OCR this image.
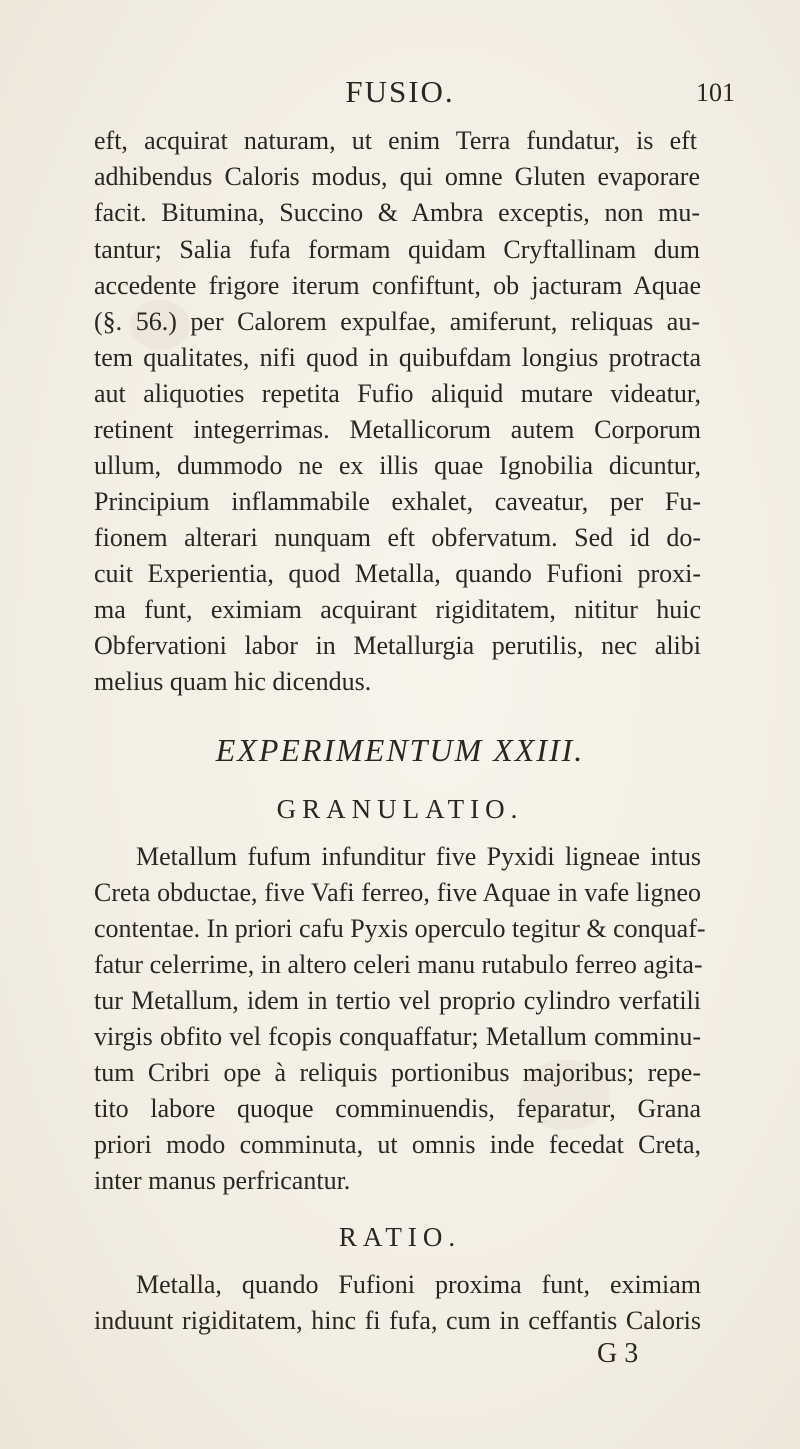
FUSIO.	101
eft, acquirat naturam, ut enim Terra fundatur, is eft
adhibendus Caloris modus, qui omne Gluten evaporare
facit. Bitumina, Succino & Ambra exceptis, non mu-
tantur; Salia fufa formam quidam Cryftallinam dum
accedente frigore iterum confiftunt, ob jacturam Aquae
(§. 56.) per Calorem expulfae, amiferunt, reliquas au-
tem qualitates, nifi quod in quibufdam longius protracta
aut aliquoties repetita Fufio aliquid mutare videatur,
retinent integerrimas. Metallicorum autem Corporum
ullum, dummodo ne ex illis quae Ignobilia dicuntur,
Principium inflammabile exhalet, caveatur, per Fu-
fionem alterari nunquam eft obfervatum. Sed id do-
cuit Experientia, quod Metalla, quando Fufioni proxi-
ma funt, eximiam acquirant rigiditatem, nititur huic
Obfervationi labor in Metallurgia perutilis, nec alibi
melius quam hic dicendus.
EXPERIMENTUM XXIII.
GRANULATIO.
Metallum fufum infunditur five Pyxidi ligneae intus
Creta obductae, five Vafi ferreo, five Aquae in vafe ligneo
contentae. In priori cafu Pyxis operculo tegitur & conquaf-
fatur celerrime, in altero celeri manu rutabulo ferreo agita-
tur Metallum, idem in tertio vel proprio cylindro verfatili
virgis obfito vel fcopis conquaffatur; Metallum comminu-
tum Cribri ope à reliquis portionibus majoribus; repe-
tito labore quoque comminuendis, feparatur, Grana
priori modo comminuta, ut omnis inde fecedat Creta,
inter manus perfricantur.
RATIO.
Metalla, quando Fufioni proxima funt, eximiam
induunt rigiditatem, hinc fi fufa, cum in ceffantis Caloris
G 3
